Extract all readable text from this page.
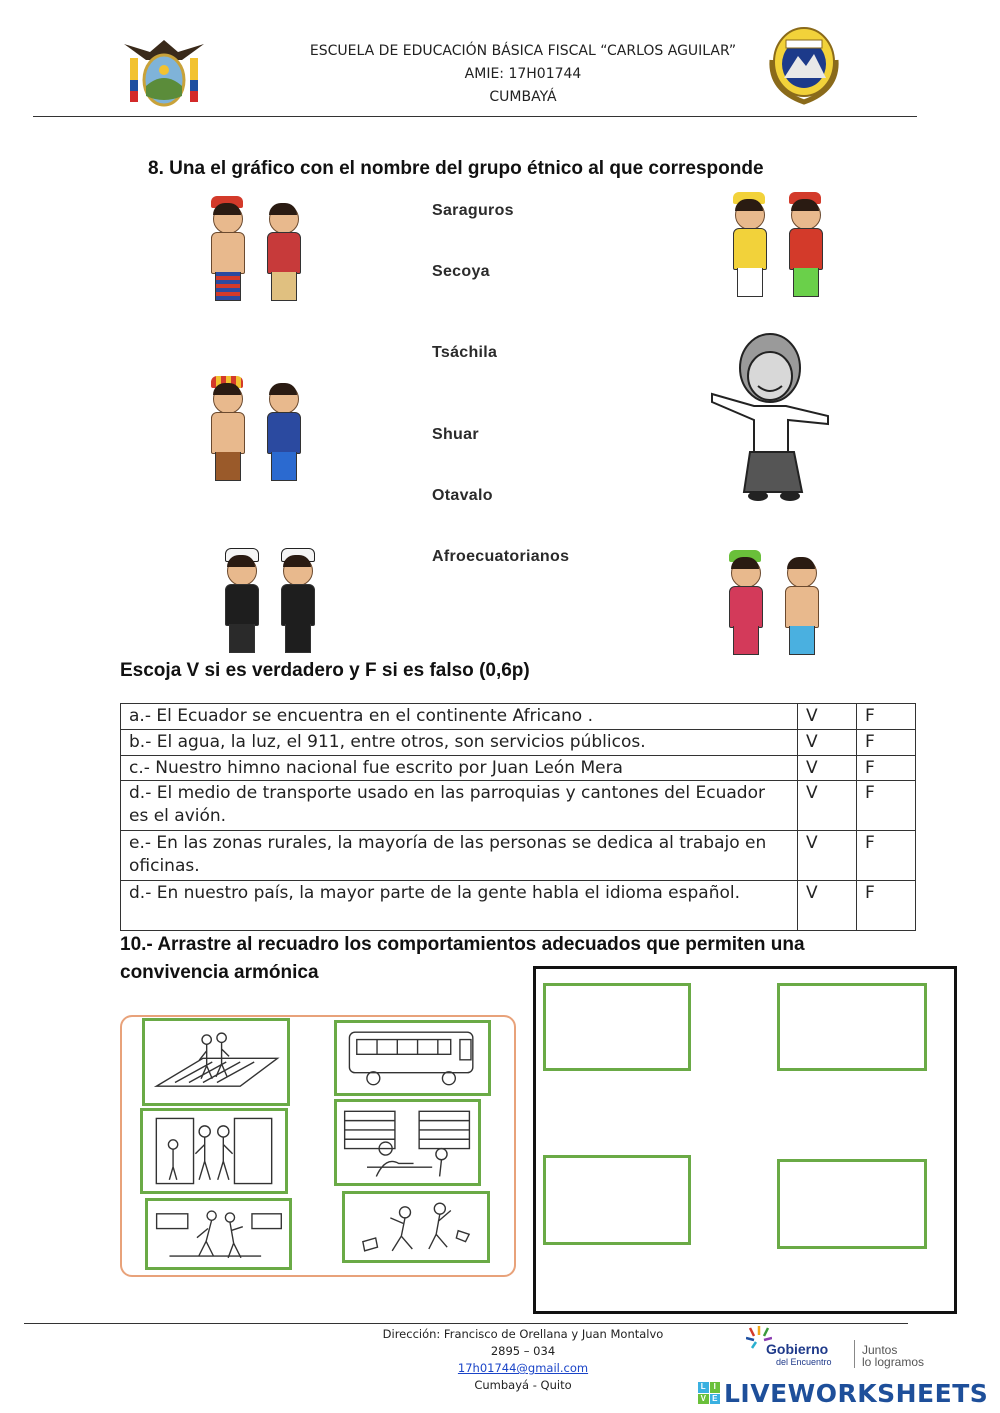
ESCUELA DE EDUCACIÓN BÁSICA FISCAL “CARLOS AGUILAR”
AMIE: 17H01744
CUMBAYÁ
8. Una el gráfico con el nombre del grupo étnico al que corresponde
Saraguros
Secoya
Tsáchila
Shuar
Otavalo
Afroecuatorianos
Escoja V si es verdadero y F si es falso (0,6p)
a.- El Ecuador se encuentra en el continente Africano .	V	F
b.- El agua, la luz, el 911, entre otros, son servicios públicos.	V	F
c.- Nuestro himno nacional fue escrito por Juan León Mera	V	F
d.- El medio de transporte usado en las parroquias y cantones del Ecuador es el avión.	V	F
e.- En las zonas rurales, la mayoría de las personas se dedica al trabajo en oficinas.	V	F
d.- En nuestro país, la mayor parte de la gente habla el idioma español.	V	F
10.- Arrastre al recuadro los comportamientos adecuados que permiten una
convivencia armónica
Dirección: Francisco de Orellana y Juan Montalvo
2895 – 034
17h01744@gmail.com
Cumbayá - Quito
Gobierno
del Encuentro
Juntos
lo logramos
L I
V E LIVEWORKSHEETS
